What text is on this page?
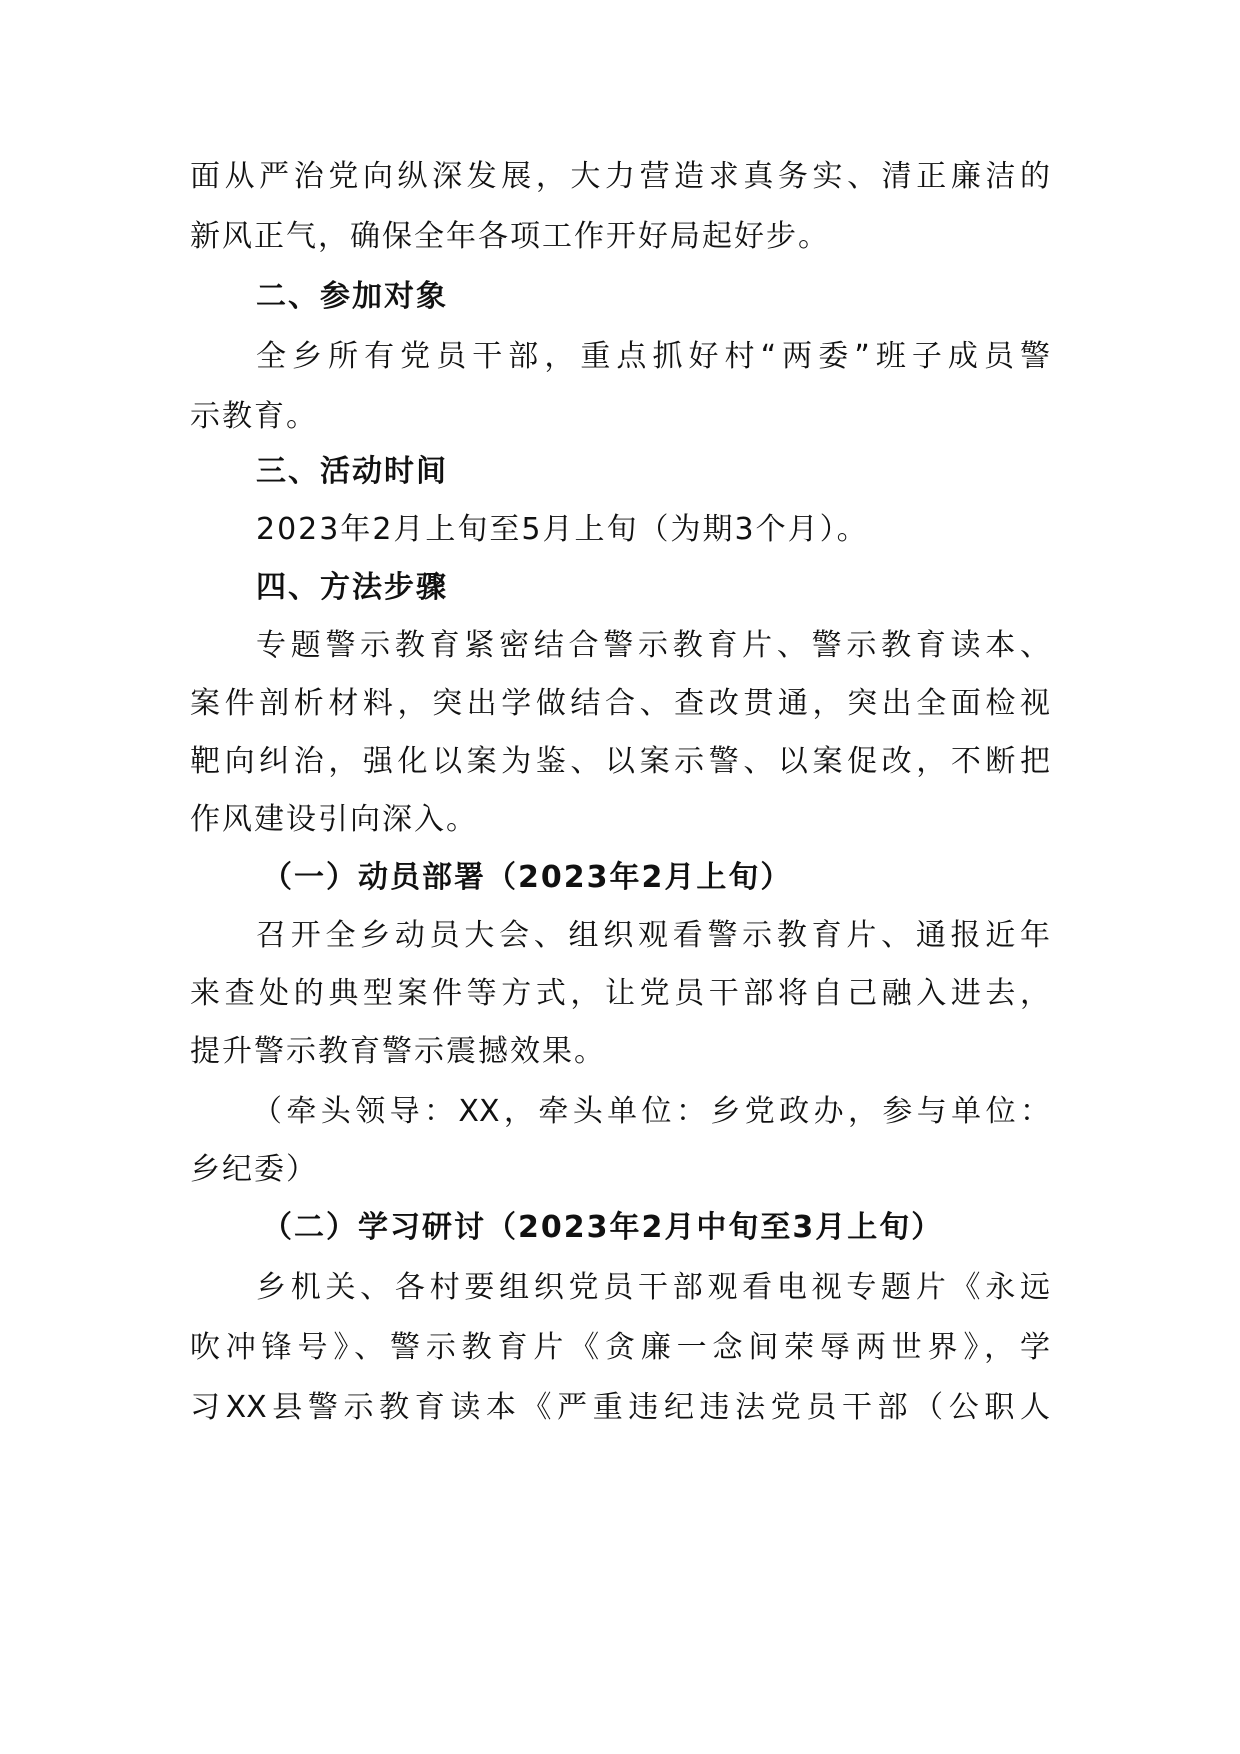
面从严治党向纵深发展，大力营造求真务实、清正廉洁的
新风正气，确保全年各项工作开好局起好步。
二、参加对象
全乡所有党员干部，重点抓好村“两委”班子成员警
示教育。
三、活动时间
2023年2月上旬至5月上旬（为期3个月）。
四、方法步骤
专题警示教育紧密结合警示教育片、警示教育读本、
案件剖析材料，突出学做结合、查改贯通，突出全面检视
靶向纠治，强化以案为鉴、以案示警、以案促改，不断把
作风建设引向深入。
（一）动员部署（2023年2月上旬）
召开全乡动员大会、组织观看警示教育片、通报近年
来查处的典型案件等方式，让党员干部将自己融入进去，
提升警示教育警示震撼效果。
（牵头领导：XX，牵头单位：乡党政办，参与单位：
乡纪委）
（二）学习研讨（2023年2月中旬至3月上旬）
乡机关、各村要组织党员干部观看电视专题片《永远
吹冲锋号》、警示教育片《贪廉一念间荣辱两世界》，学
习XX县警示教育读本《严重违纪违法党员干部（公职人
